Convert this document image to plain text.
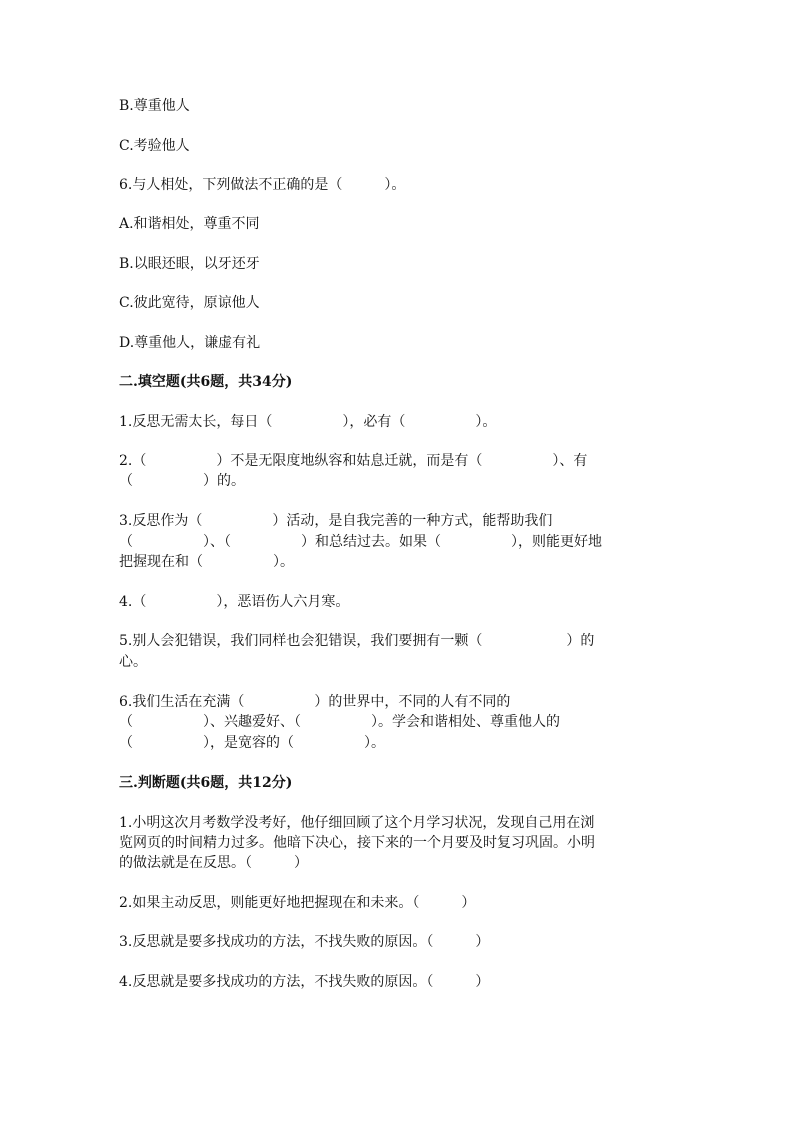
B.尊重他人

C.考验他人

6.与人相处，下列做法不正确的是（　　　）。

A.和谐相处，尊重不同

B.以眼还眼，以牙还牙

C.彼此宽待，原谅他人

D.尊重他人，谦虚有礼

二.填空题(共6题，共34分)

1.反思无需太长，每日（　　　　　），必有（　　　　　）。

2.（　　　　　）不是无限度地纵容和姑息迁就，而是有（　　　　　）、有

（　　　　　）的。

3.反思作为（　　　　　）活动，是自我完善的一种方式，能帮助我们

（　　　　　）、（　　　　　）和总结过去。如果（　　　　　），则能更好地

把握现在和（　　　　　）。

4.（　　　　　），恶语伤人六月寒。

5.别人会犯错误，我们同样也会犯错误，我们要拥有一颗（　　　　　　）的

心。

6.我们生活在充满（　　　　　）的世界中，不同的人有不同的

（　　　　　）、兴趣爱好、（　　　　　）。学会和谐相处、尊重他人的

（　　　　　），是宽容的（　　　　　）。

三.判断题(共6题，共12分)

1.小明这次月考数学没考好，他仔细回顾了这个月学习状况，发现自己用在浏

览网页的时间精力过多。他暗下决心，接下来的一个月要及时复习巩固。小明

的做法就是在反思。（　　　）

2.如果主动反思，则能更好地把握现在和未来。（　　　）

3.反思就是要多找成功的方法，不找失败的原因。（　　　）

4.反思就是要多找成功的方法，不找失败的原因。（　　　）
